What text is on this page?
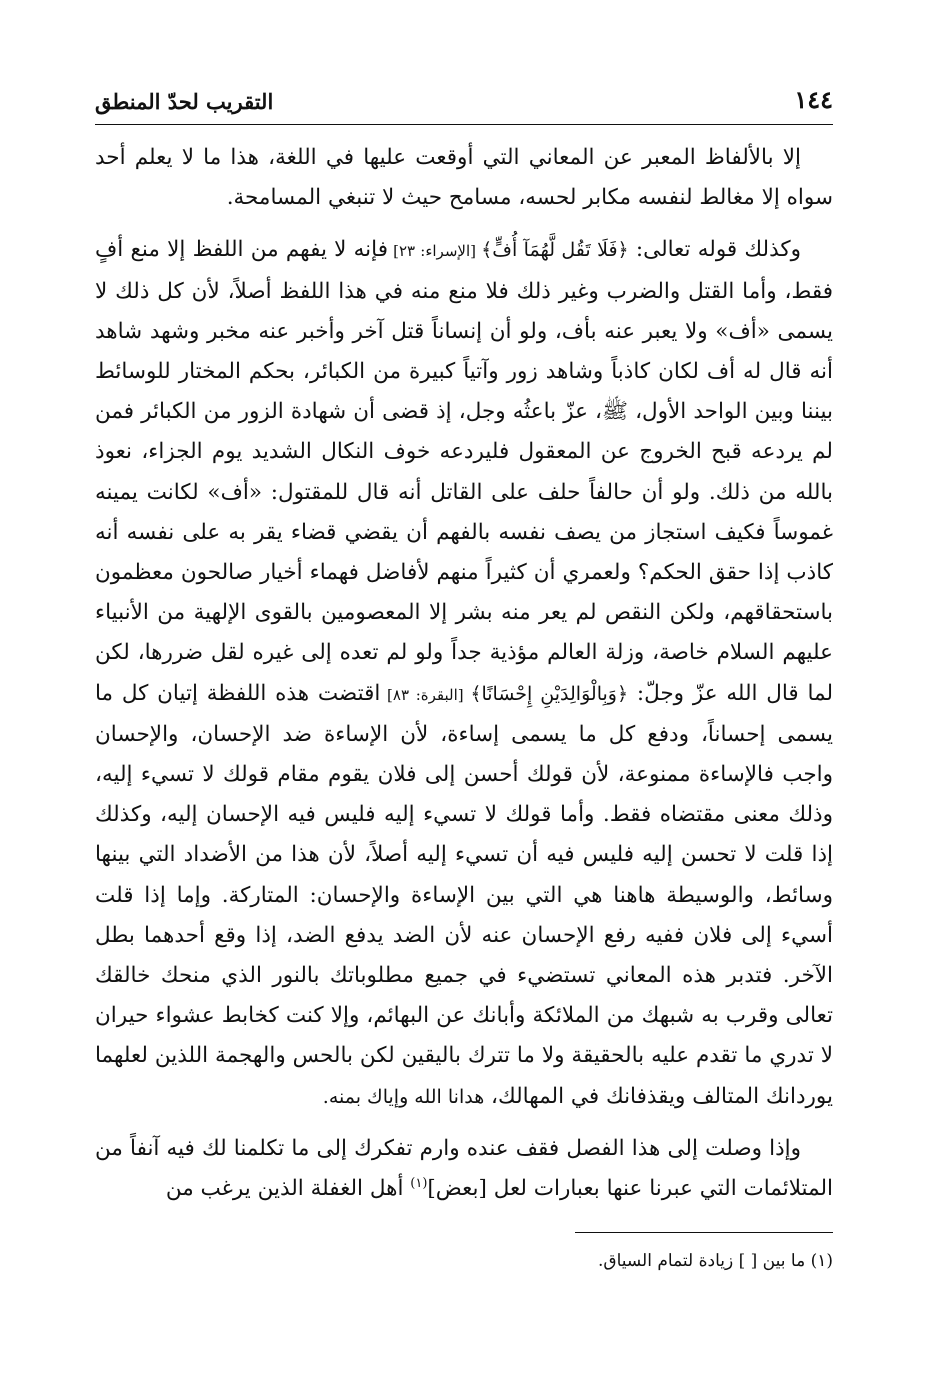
١٤٤
التقريب لحدّ المنطق

إلا بالألفاظ المعبر عن المعاني التي أوقعت عليها في اللغة، هذا ما لا يعلم أحد سواه إلا مغالط لنفسه مكابر لحسه، مسامح حيث لا تنبغي المسامحة.

وكذلك قوله تعالى: ﴿فَلَا تَقُل لَّهُمَآ أُفٍّ﴾ [الإسراء: ٢٣] فإنه لا يفهم من اللفظ إلا منع أفٍ فقط، وأما القتل والضرب وغير ذلك فلا منع منه في هذا اللفظ أصلاً، لأن كل ذلك لا يسمى «أف» ولا يعبر عنه بأف، ولو أن إنساناً قتل آخر وأخبر عنه مخبر وشهد شاهد أنه قال له أف لكان كاذباً وشاهد زور وآتياً كبيرة من الكبائر، بحكم المختار للوسائط بيننا وبين الواحد الأول، ﷺ، عزّ باعثُه وجل، إذ قضى أن شهادة الزور من الكبائر فمن لم يردعه قبح الخروج عن المعقول فليردعه خوف النكال الشديد يوم الجزاء، نعوذ بالله من ذلك. ولو أن حالفاً حلف على القاتل أنه قال للمقتول: «أف» لكانت يمينه غموساً فكيف استجاز من يصف نفسه بالفهم أن يقضي قضاء يقر به على نفسه أنه كاذب إذا حقق الحكم؟ ولعمري أن كثيراً منهم لأفاضل فهماء أخيار صالحون معظمون باستحقاقهم، ولكن النقص لم يعر منه بشر إلا المعصومين بالقوى الإلهية من الأنبياء عليهم السلام خاصة، وزلة العالم مؤذية جداً ولو لم تعده إلى غيره لقل ضررها، لكن لما قال الله عزّ وجلّ: ﴿وَبِالْوَالِدَيْنِ إِحْسَانًا﴾ [البقرة: ٨٣] اقتضت هذه اللفظة إتيان كل ما يسمى إحساناً، ودفع كل ما يسمى إساءة، لأن الإساءة ضد الإحسان، والإحسان واجب فالإساءة ممنوعة، لأن قولك أحسن إلى فلان يقوم مقام قولك لا تسيء إليه، وذلك معنى مقتضاه فقط. وأما قولك لا تسيء إليه فليس فيه الإحسان إليه، وكذلك إذا قلت لا تحسن إليه فليس فيه أن تسيء إليه أصلاً، لأن هذا من الأضداد التي بينها وسائط، والوسيطة هاهنا هي التي بين الإساءة والإحسان: المتاركة. وإما إذا قلت أسيء إلى فلان ففيه رفع الإحسان عنه لأن الضد يدفع الضد، إذا وقع أحدهما بطل الآخر. فتدبر هذه المعاني تستضيء في جميع مطلوباتك بالنور الذي منحك خالقك تعالى وقرب به شبهك من الملائكة وأبانك عن البهائم، وإلا كنت كخابط عشواء حيران لا تدري ما تقدم عليه بالحقيقة ولا ما تترك باليقين لكن بالحس والهجمة اللذين لعلهما يوردانك المتالف ويقذفانك في المهالك، هدانا الله وإياك بمنه.

وإذا وصلت إلى هذا الفصل فقف عنده وارم تفكرك إلى ما تكلمنا لك فيه آنفاً من المتلائمات التي عبرنا عنها بعبارات لعل [بعض]$^{(١)}$ أهل الغفلة الذين يرغب من

(١) ما بين [ ] زيادة لتمام السياق.
